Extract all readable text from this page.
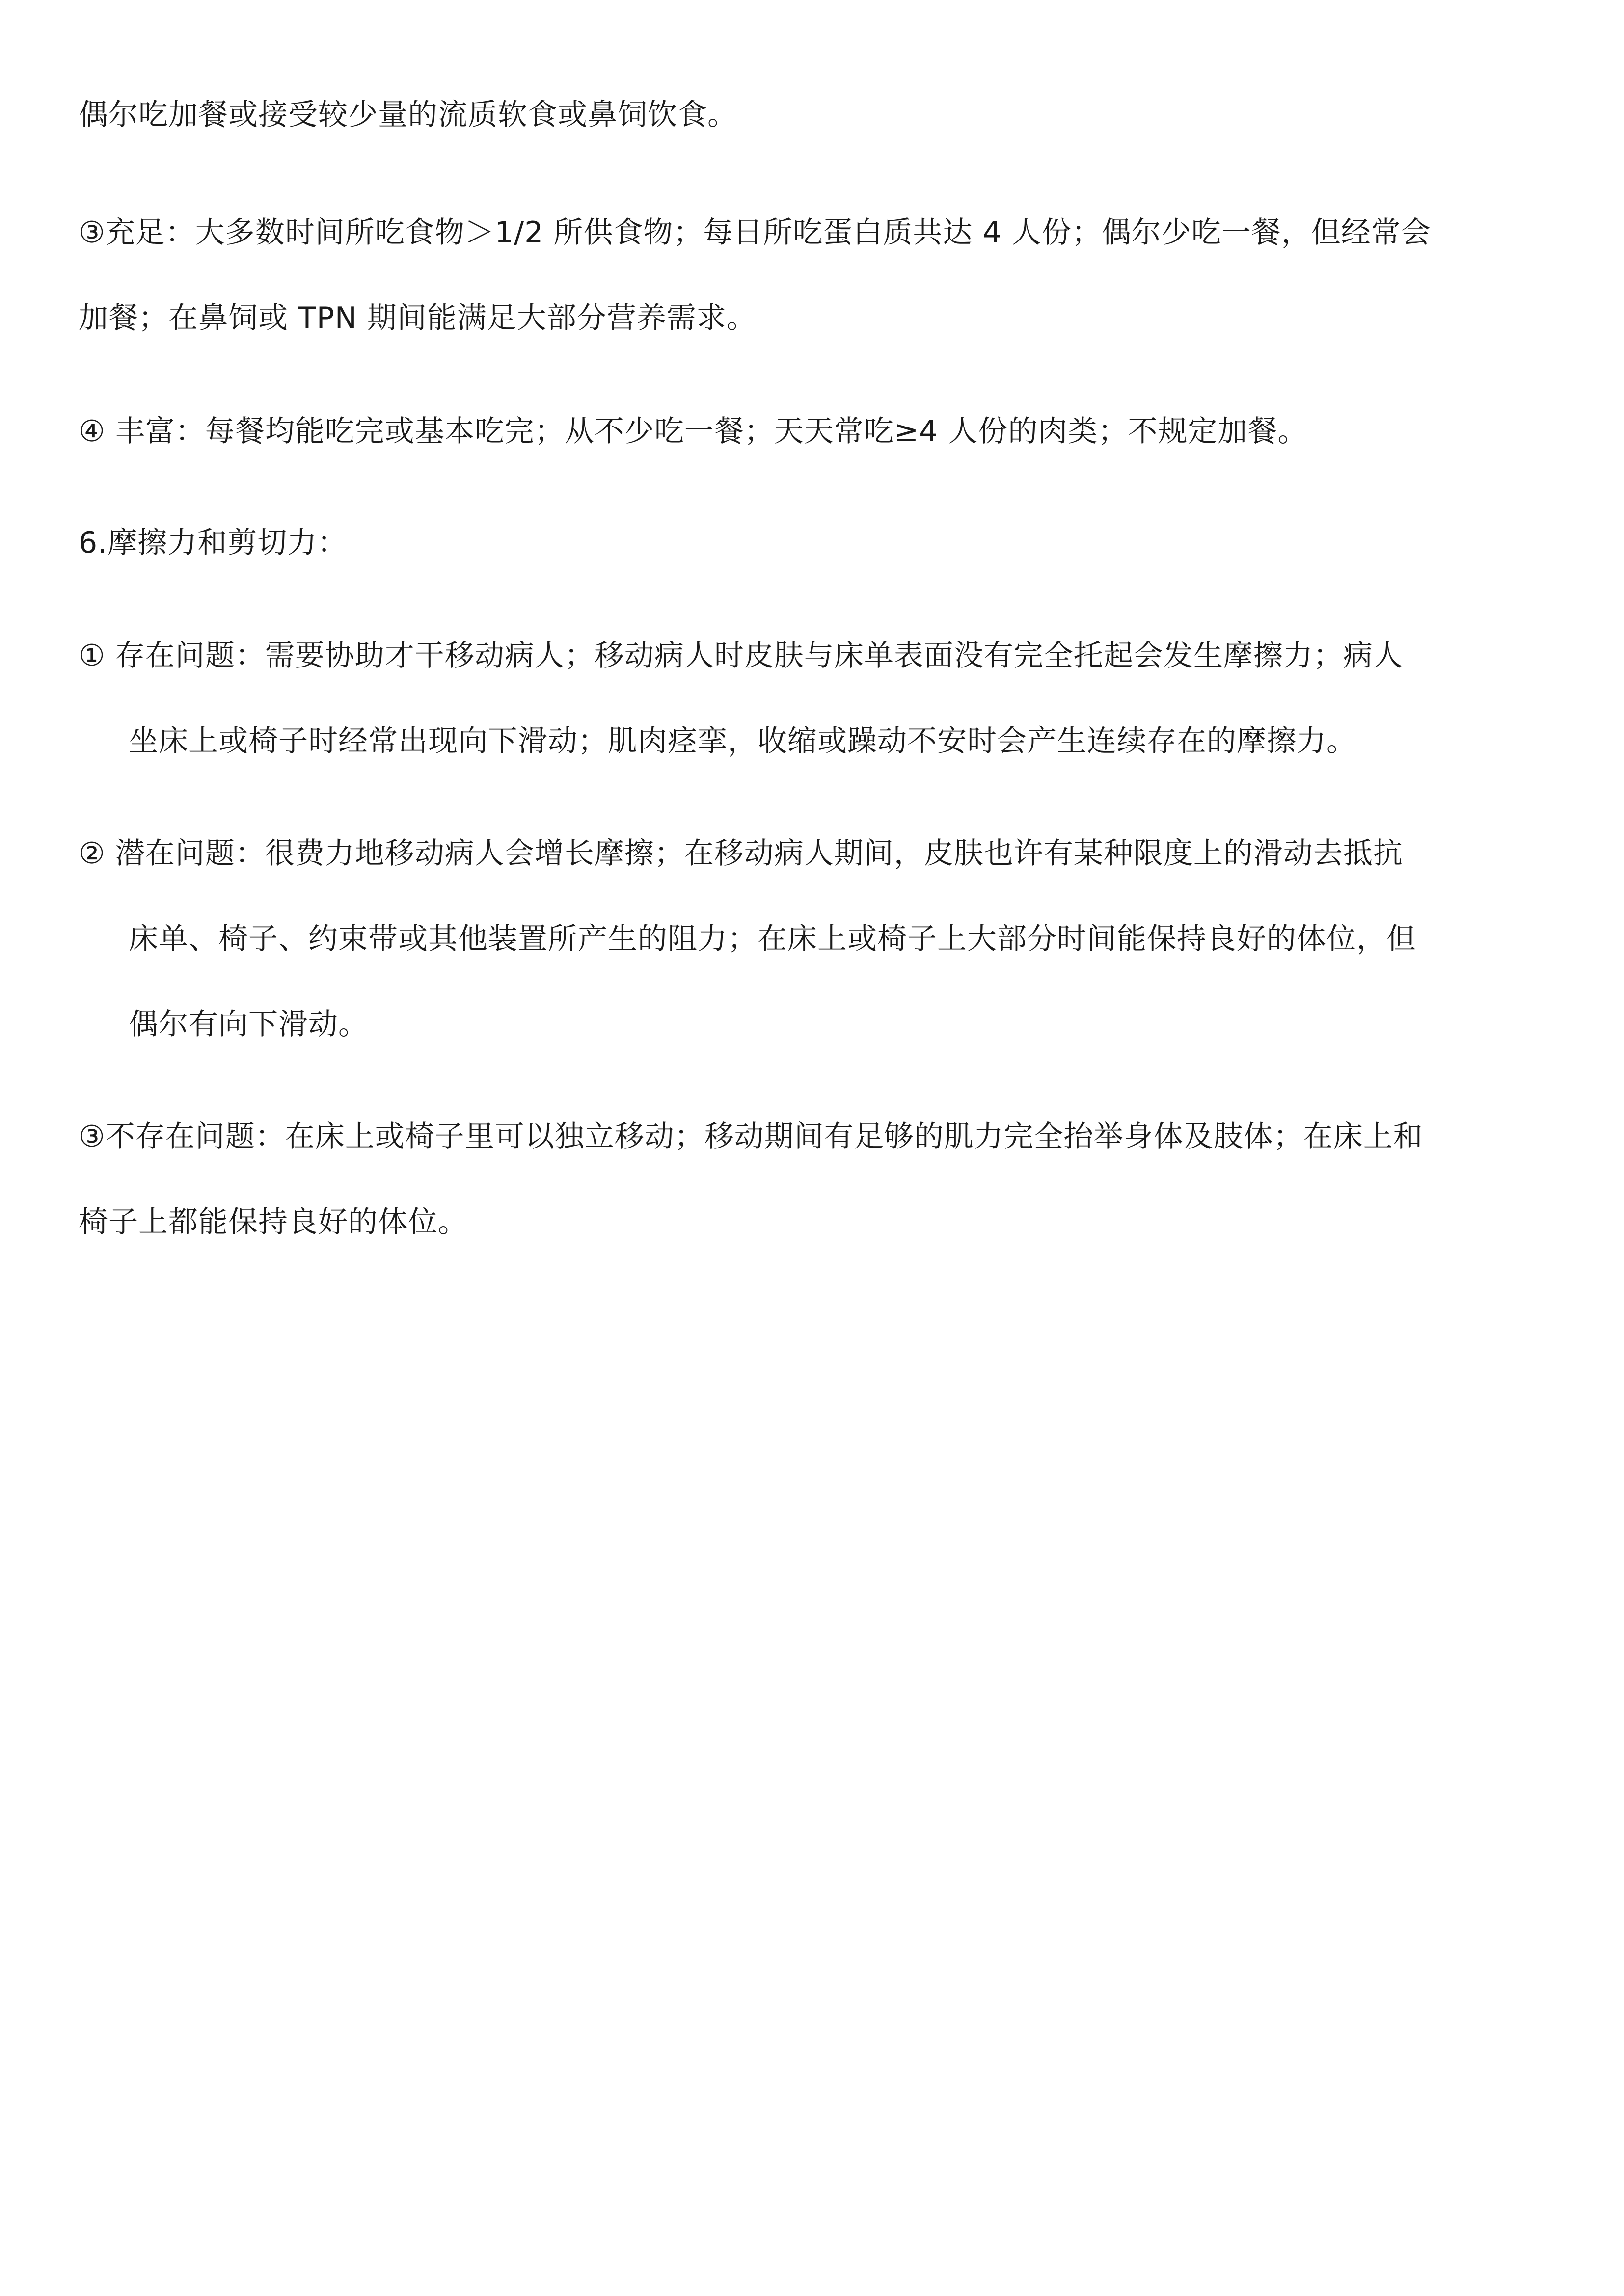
偶尔吃加餐或接受较少量的流质软食或鼻饲饮食。
③充足：大多数时间所吃食物＞1/2 所供食物；每日所吃蛋白质共达 4 人份；偶尔少吃一餐，但经常会
加餐；在鼻饲或 TPN 期间能满足大部分营养需求。
④ 丰富：每餐均能吃完或基本吃完；从不少吃一餐；天天常吃≥4 人份的肉类；不规定加餐。
6.摩擦力和剪切力：
① 存在问题：需要协助才干移动病人；移动病人时皮肤与床单表面没有完全托起会发生摩擦力；病人
坐床上或椅子时经常出现向下滑动；肌肉痉挛，收缩或躁动不安时会产生连续存在的摩擦力。
② 潜在问题：很费力地移动病人会增长摩擦；在移动病人期间，皮肤也许有某种限度上的滑动去抵抗
床单、椅子、约束带或其他装置所产生的阻力；在床上或椅子上大部分时间能保持良好的体位，但
偶尔有向下滑动。
③不存在问题：在床上或椅子里可以独立移动；移动期间有足够的肌力完全抬举身体及肢体；在床上和
椅子上都能保持良好的体位。
